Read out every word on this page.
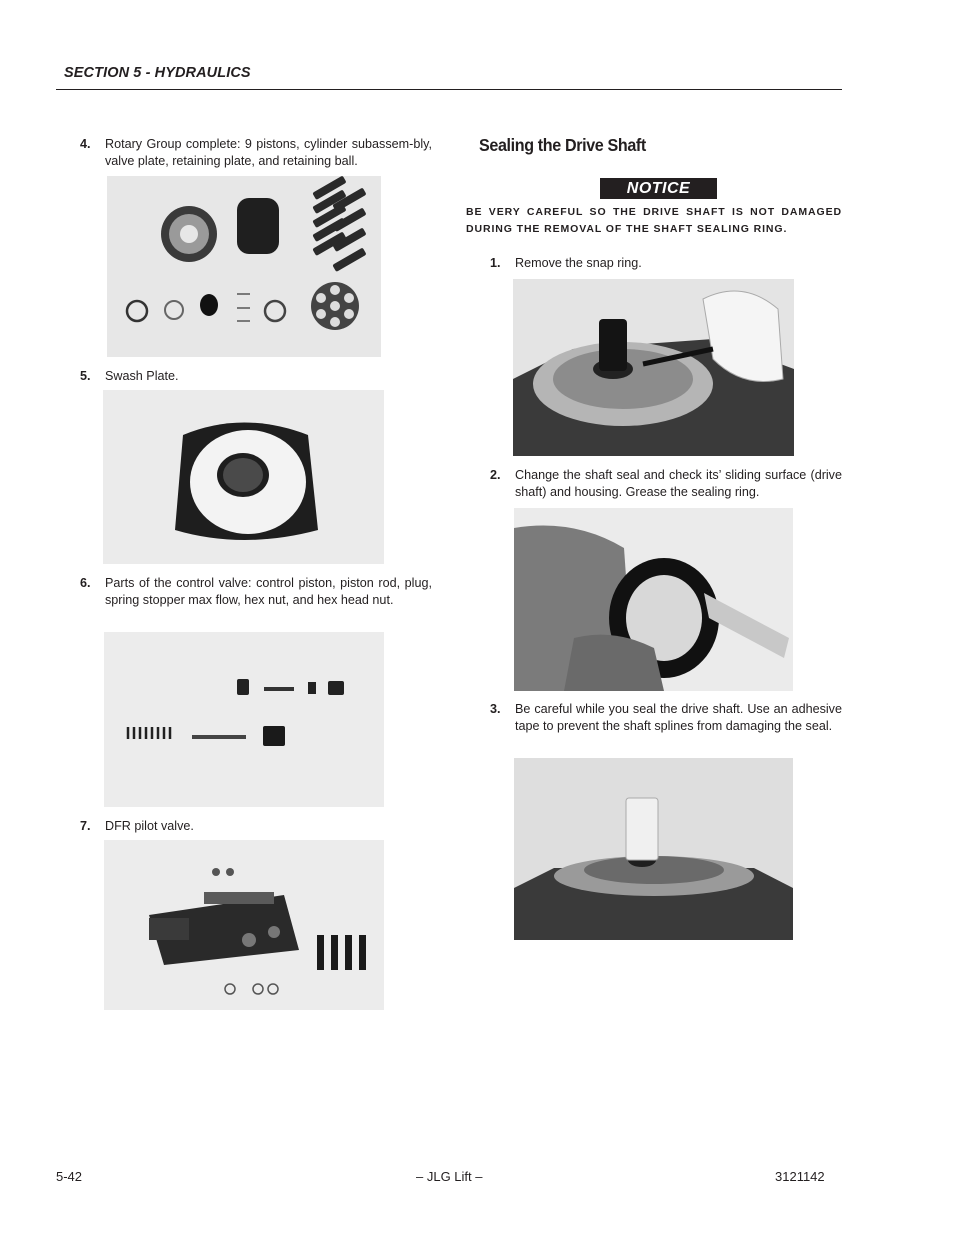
SECTION 5 - HYDRAULICS
4. Rotary Group complete: 9 pistons, cylinder subassem-bly, valve plate, retaining plate, and retaining ball.
5. Swash Plate.
6. Parts of the control valve: control piston, piston rod, plug, spring stopper max flow, hex nut, and hex head nut.
7. DFR pilot valve.
Sealing the Drive Shaft
NOTICE
BE VERY CAREFUL SO THE DRIVE SHAFT IS NOT DAMAGED DURING THE REMOVAL OF THE SHAFT SEALING RING.
1. Remove the snap ring.
2. Change the shaft seal and check its’ sliding surface (drive shaft) and housing. Grease the sealing ring.
3. Be careful while you seal the drive shaft. Use an adhesive tape to prevent the shaft splines from damaging the seal.
5-42	– JLG Lift –	3121142
